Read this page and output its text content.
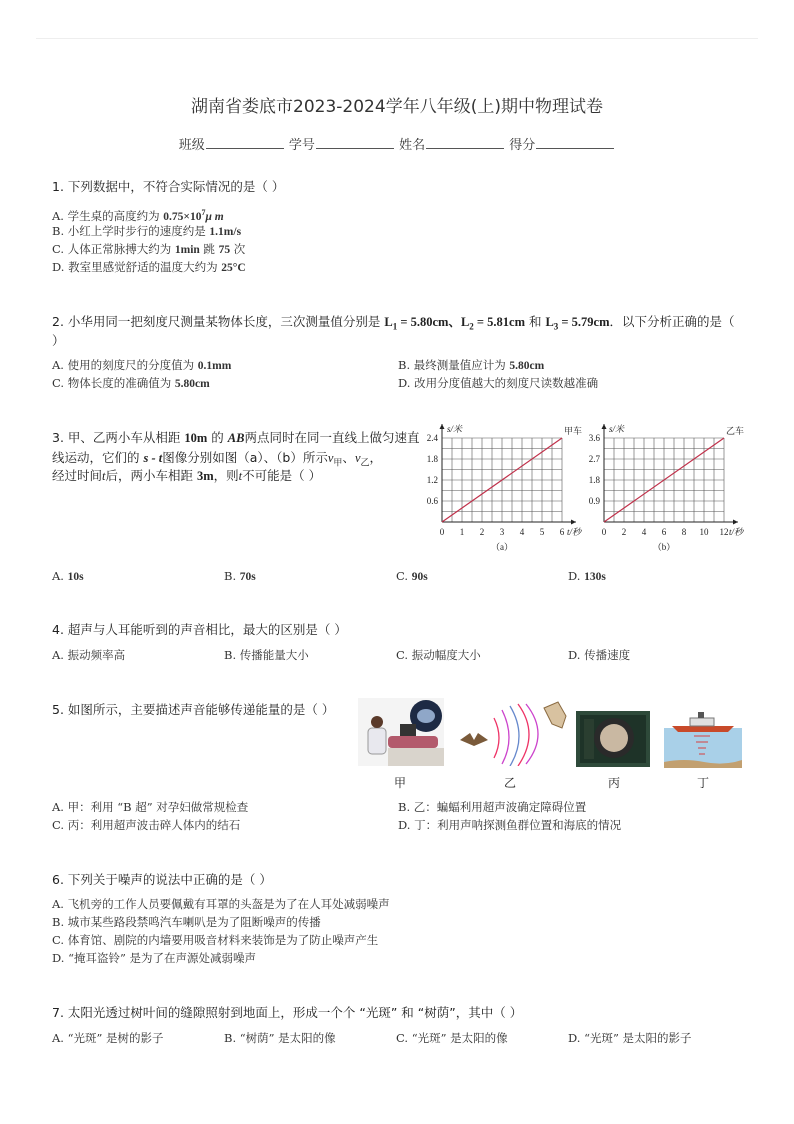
湖南省娄底市2023-2024学年八年级(上)期中物理试卷
班级	学号	姓名	得分
1. 下列数据中，不符合实际情况的是（ ）
A. 学生桌的高度约为 $0.75\times 10^7\mu$ m
B. 小红上学时步行的速度约是 1.1m/s
C. 人体正常脉搏大约为 1min 跳 75 次
D. 教室里感觉舒适的温度大约为 25°C
2. 小华用同一把刻度尺测量某物体长度，三次测量值分别是 $L_1 = 5.80cm$、$L_2 = 5.81cm$ 和 $L_3 = 5.79cm$．以下分析正确的是（
）
A. 使用的刻度尺的分度值为 0.1mm	B. 最终测量值应计为 5.80cm
C. 物体长度的准确值为 5.80cm	D. 改用分度值越大的刻度尺读数越准确
3. 甲、乙两小车从相距 10m 的 AB两点同时在同一直线上做匀速直
线运动，它们的 s - t图像分别如图（a）、（b）所示$v_甲$、$v_乙$，
经过时间t后，两小车相距 3m，则t不可能是（ ）
甲车
0 1 2 3 4 5 6
0.6
1.2
1.8
2.4
s/米
t/秒
（a）
乙车
0 2 4 6 8 10 12
0.9
1.8
2.7
3.6
s/米
t/秒
（b）
A. 10s	B. 70s	C. 90s	D. 130s
4. 超声与人耳能听到的声音相比，最大的区别是（ ）
A. 振动频率高	B. 传播能量大小	C. 振动幅度大小	D. 传播速度
5. 如图所示，主要描述声音能够传递能量的是（ ）
甲	乙	丙	丁
A. 甲：利用 “B 超” 对孕妇做常规检查	B. 乙：蝙蝠利用超声波确定障碍位置
C. 丙：利用超声波击碎人体内的结石	D. 丁：利用声呐探测鱼群位置和海底的情况
6. 下列关于噪声的说法中正确的是（ ）
A. 飞机旁的工作人员要佩戴有耳罩的头盔是为了在人耳处减弱噪声
B. 城市某些路段禁鸣汽车喇叭是为了阻断噪声的传播
C. 体育馆、剧院的内墙要用吸音材料来装饰是为了防止噪声产生
D. “掩耳盗铃” 是为了在声源处减弱噪声
7. 太阳光透过树叶间的缝隙照射到地面上，形成一个个 “光斑” 和 “树荫”，其中（ ）
A. “光斑” 是树的影子	B. “树荫” 是太阳的像	C. “光斑” 是太阳的像	D. “光斑” 是太阳的影子
